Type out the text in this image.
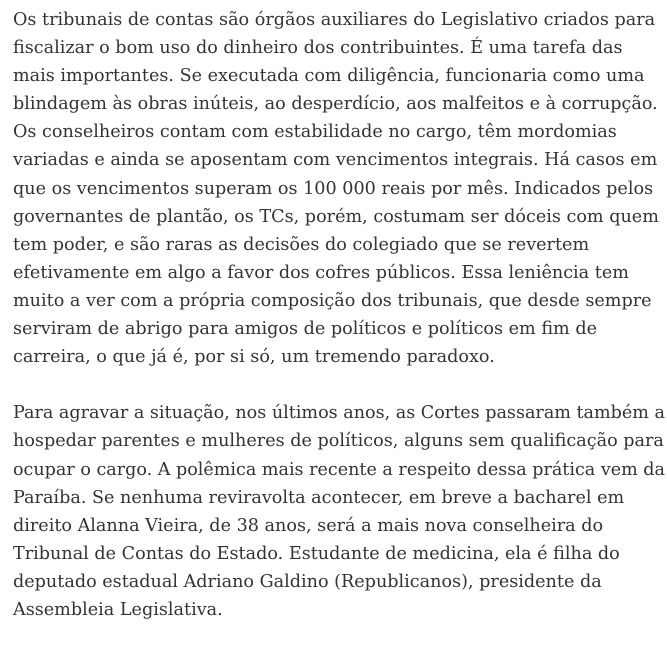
Os tribunais de contas são órgãos auxiliares do Legislativo criados para
fiscalizar o bom uso do dinheiro dos contribuintes. É uma tarefa das
mais importantes. Se executada com diligência, funcionaria como uma
blindagem às obras inúteis, ao desperdício, aos malfeitos e à corrupção.
Os conselheiros contam com estabilidade no cargo, têm mordomias
variadas e ainda se aposentam com vencimentos integrais. Há casos em
que os vencimentos superam os 100 000 reais por mês. Indicados pelos
governantes de plantão, os TCs, porém, costumam ser dóceis com quem
tem poder, e são raras as decisões do colegiado que se revertem
efetivamente em algo a favor dos cofres públicos. Essa leniência tem
muito a ver com a própria composição dos tribunais, que desde sempre
serviram de abrigo para amigos de políticos e políticos em fim de
carreira, o que já é, por si só, um tremendo paradoxo.

Para agravar a situação, nos últimos anos, as Cortes passaram também a
hospedar parentes e mulheres de políticos, alguns sem qualificação para
ocupar o cargo. A polêmica mais recente a respeito dessa prática vem da
Paraíba. Se nenhuma reviravolta acontecer, em breve a bacharel em
direito Alanna Vieira, de 38 anos, será a mais nova conselheira do
Tribunal de Contas do Estado. Estudante de medicina, ela é filha do
deputado estadual Adriano Galdino (Republicanos), presidente da
Assembleia Legislativa.
